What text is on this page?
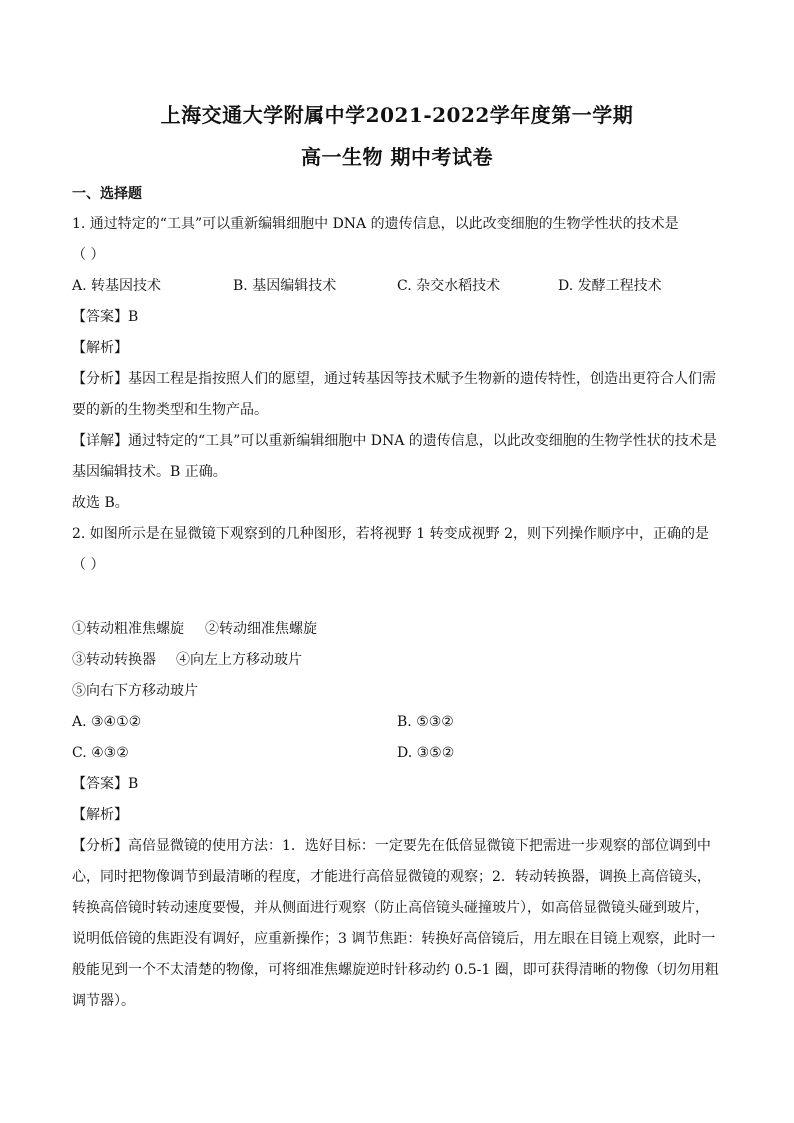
上海交通大学附属中学2021-2022学年度第一学期
高一生物 期中考试卷
一、选择题
1. 通过特定的“工具”可以重新编辑细胞中 DNA 的遗传信息，以此改变细胞的生物学性状的技术是
（ ）
A. 转基因技术	B. 基因编辑技术	C. 杂交水稻技术	D. 发酵工程技术
【答案】B
【解析】
【分析】基因工程是指按照人们的愿望，通过转基因等技术赋予生物新的遗传特性，创造出更符合人们需
要的新的生物类型和生物产品。
【详解】通过特定的“工具”可以重新编辑细胞中 DNA 的遗传信息，以此改变细胞的生物学性状的技术是
基因编辑技术。B 正确。
故选 B。
2. 如图所示是在显微镜下观察到的几种图形，若将视野 1 转变成视野 2，则下列操作顺序中，正确的是
（ ）
①转动粗准焦螺旋 ②转动细准焦螺旋
③转动转换器 ④向左上方移动玻片
⑤向右下方移动玻片
A. ③④①②	B. ⑤③②
C. ④③②	D. ③⑤②
【答案】B
【解析】
【分析】高倍显微镜的使用方法：1．选好目标：一定要先在低倍显微镜下把需进一步观察的部位调到中
心，同时把物像调节到最清晰的程度，才能进行高倍显微镜的观察；2．转动转换器，调换上高倍镜头，
转换高倍镜时转动速度要慢，并从侧面进行观察（防止高倍镜头碰撞玻片），如高倍显微镜头碰到玻片，
说明低倍镜的焦距没有调好，应重新操作；3 调节焦距：转换好高倍镜后，用左眼在目镜上观察，此时一
般能见到一个不太清楚的物像，可将细准焦螺旋逆时针移动约 0.5-1 圈，即可获得清晰的物像（切勿用粗
调节器）。
